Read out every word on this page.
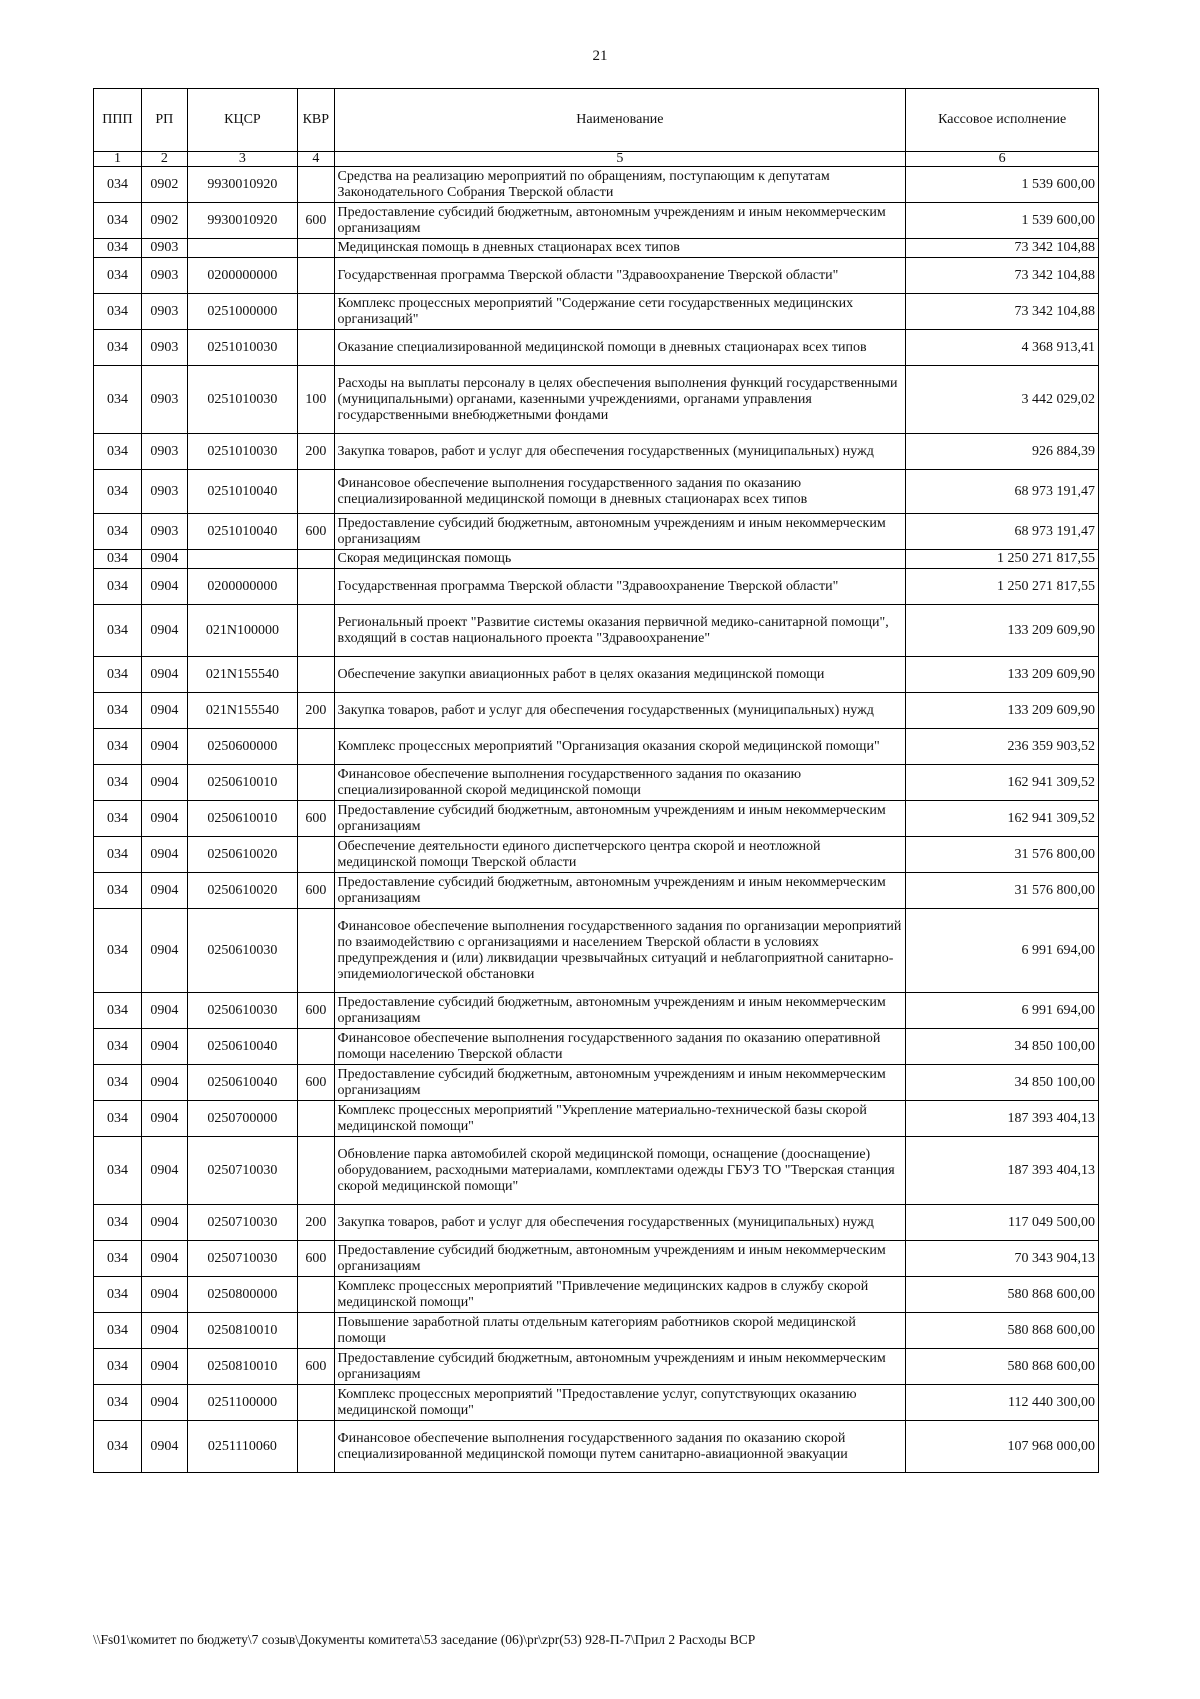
21
ППП	РП	КЦСР	КВР	Наименование	Кассовое исполнение
1	2	3	4	5	6
034	0902	9930010920		Средства на реализацию мероприятий по обращениям, поступающим к депутатам Законодательного Собрания Тверской области	1 539 600,00
034	0902	9930010920	600	Предоставление субсидий бюджетным, автономным учреждениям и иным некоммерческим организациям	1 539 600,00
034	0903			Медицинская помощь в дневных стационарах всех типов	73 342 104,88
034	0903	0200000000		Государственная программа Тверской области "Здравоохранение Тверской области"	73 342 104,88
034	0903	0251000000		Комплекс процессных мероприятий "Содержание сети государственных медицинских организаций"	73 342 104,88
034	0903	0251010030		Оказание специализированной медицинской помощи в дневных стационарах всех типов	4 368 913,41
034	0903	0251010030	100	Расходы на выплаты персоналу в целях обеспечения выполнения функций государственными (муниципальными) органами, казенными учреждениями, органами управления государственными внебюджетными фондами	3 442 029,02
034	0903	0251010030	200	Закупка товаров, работ и услуг для обеспечения государственных (муниципальных) нужд	926 884,39
034	0903	0251010040		Финансовое обеспечение выполнения государственного задания по оказанию специализированной медицинской помощи в дневных стационарах всех типов	68 973 191,47
034	0903	0251010040	600	Предоставление субсидий бюджетным, автономным учреждениям и иным некоммерческим организациям	68 973 191,47
034	0904			Скорая медицинская помощь	1 250 271 817,55
034	0904	0200000000		Государственная программа Тверской области "Здравоохранение Тверской области"	1 250 271 817,55
034	0904	021N100000		Региональный проект "Развитие системы оказания первичной медико-санитарной помощи", входящий в состав национального проекта "Здравоохранение"	133 209 609,90
034	0904	021N155540		Обеспечение закупки авиационных работ в целях оказания медицинской помощи	133 209 609,90
034	0904	021N155540	200	Закупка товаров, работ и услуг для обеспечения государственных (муниципальных) нужд	133 209 609,90
034	0904	0250600000		Комплекс процессных мероприятий "Организация оказания скорой медицинской помощи"	236 359 903,52
034	0904	0250610010		Финансовое обеспечение выполнения государственного задания по оказанию специализированной скорой медицинской помощи	162 941 309,52
034	0904	0250610010	600	Предоставление субсидий бюджетным, автономным учреждениям и иным некоммерческим организациям	162 941 309,52
034	0904	0250610020		Обеспечение деятельности единого диспетчерского центра скорой и неотложной медицинской помощи Тверской области	31 576 800,00
034	0904	0250610020	600	Предоставление субсидий бюджетным, автономным учреждениям и иным некоммерческим организациям	31 576 800,00
034	0904	0250610030		Финансовое обеспечение выполнения государственного задания по организации мероприятий по взаимодействию с организациями и населением Тверской области в условиях предупреждения и (или) ликвидации чрезвычайных ситуаций и неблагоприятной санитарно-эпидемиологической обстановки	6 991 694,00
034	0904	0250610030	600	Предоставление субсидий бюджетным, автономным учреждениям и иным некоммерческим организациям	6 991 694,00
034	0904	0250610040		Финансовое обеспечение выполнения государственного задания по оказанию оперативной помощи населению Тверской области	34 850 100,00
034	0904	0250610040	600	Предоставление субсидий бюджетным, автономным учреждениям и иным некоммерческим организациям	34 850 100,00
034	0904	0250700000		Комплекс процессных мероприятий "Укрепление материально-технической базы скорой медицинской помощи"	187 393 404,13
034	0904	0250710030		Обновление парка автомобилей скорой медицинской помощи, оснащение (дооснащение) оборудованием, расходными материалами, комплектами одежды ГБУЗ ТО "Тверская станция скорой медицинской помощи"	187 393 404,13
034	0904	0250710030	200	Закупка товаров, работ и услуг для обеспечения государственных (муниципальных) нужд	117 049 500,00
034	0904	0250710030	600	Предоставление субсидий бюджетным, автономным учреждениям и иным некоммерческим организациям	70 343 904,13
034	0904	0250800000		Комплекс процессных мероприятий "Привлечение медицинских кадров в службу скорой медицинской помощи"	580 868 600,00
034	0904	0250810010		Повышение заработной платы отдельным категориям работников скорой медицинской помощи	580 868 600,00
034	0904	0250810010	600	Предоставление субсидий бюджетным, автономным учреждениям и иным некоммерческим организациям	580 868 600,00
034	0904	0251100000		Комплекс процессных мероприятий "Предоставление услуг, сопутствующих оказанию медицинской помощи"	112 440 300,00
034	0904	0251110060		Финансовое обеспечение выполнения государственного задания по оказанию скорой специализированной медицинской помощи путем санитарно-авиационной эвакуации	107 968 000,00
\\Fs01\комитет по бюджету\7 созыв\Документы комитета\53 заседание (06)\pr\zpr(53) 928-П-7\Прил 2 Расходы ВСР
